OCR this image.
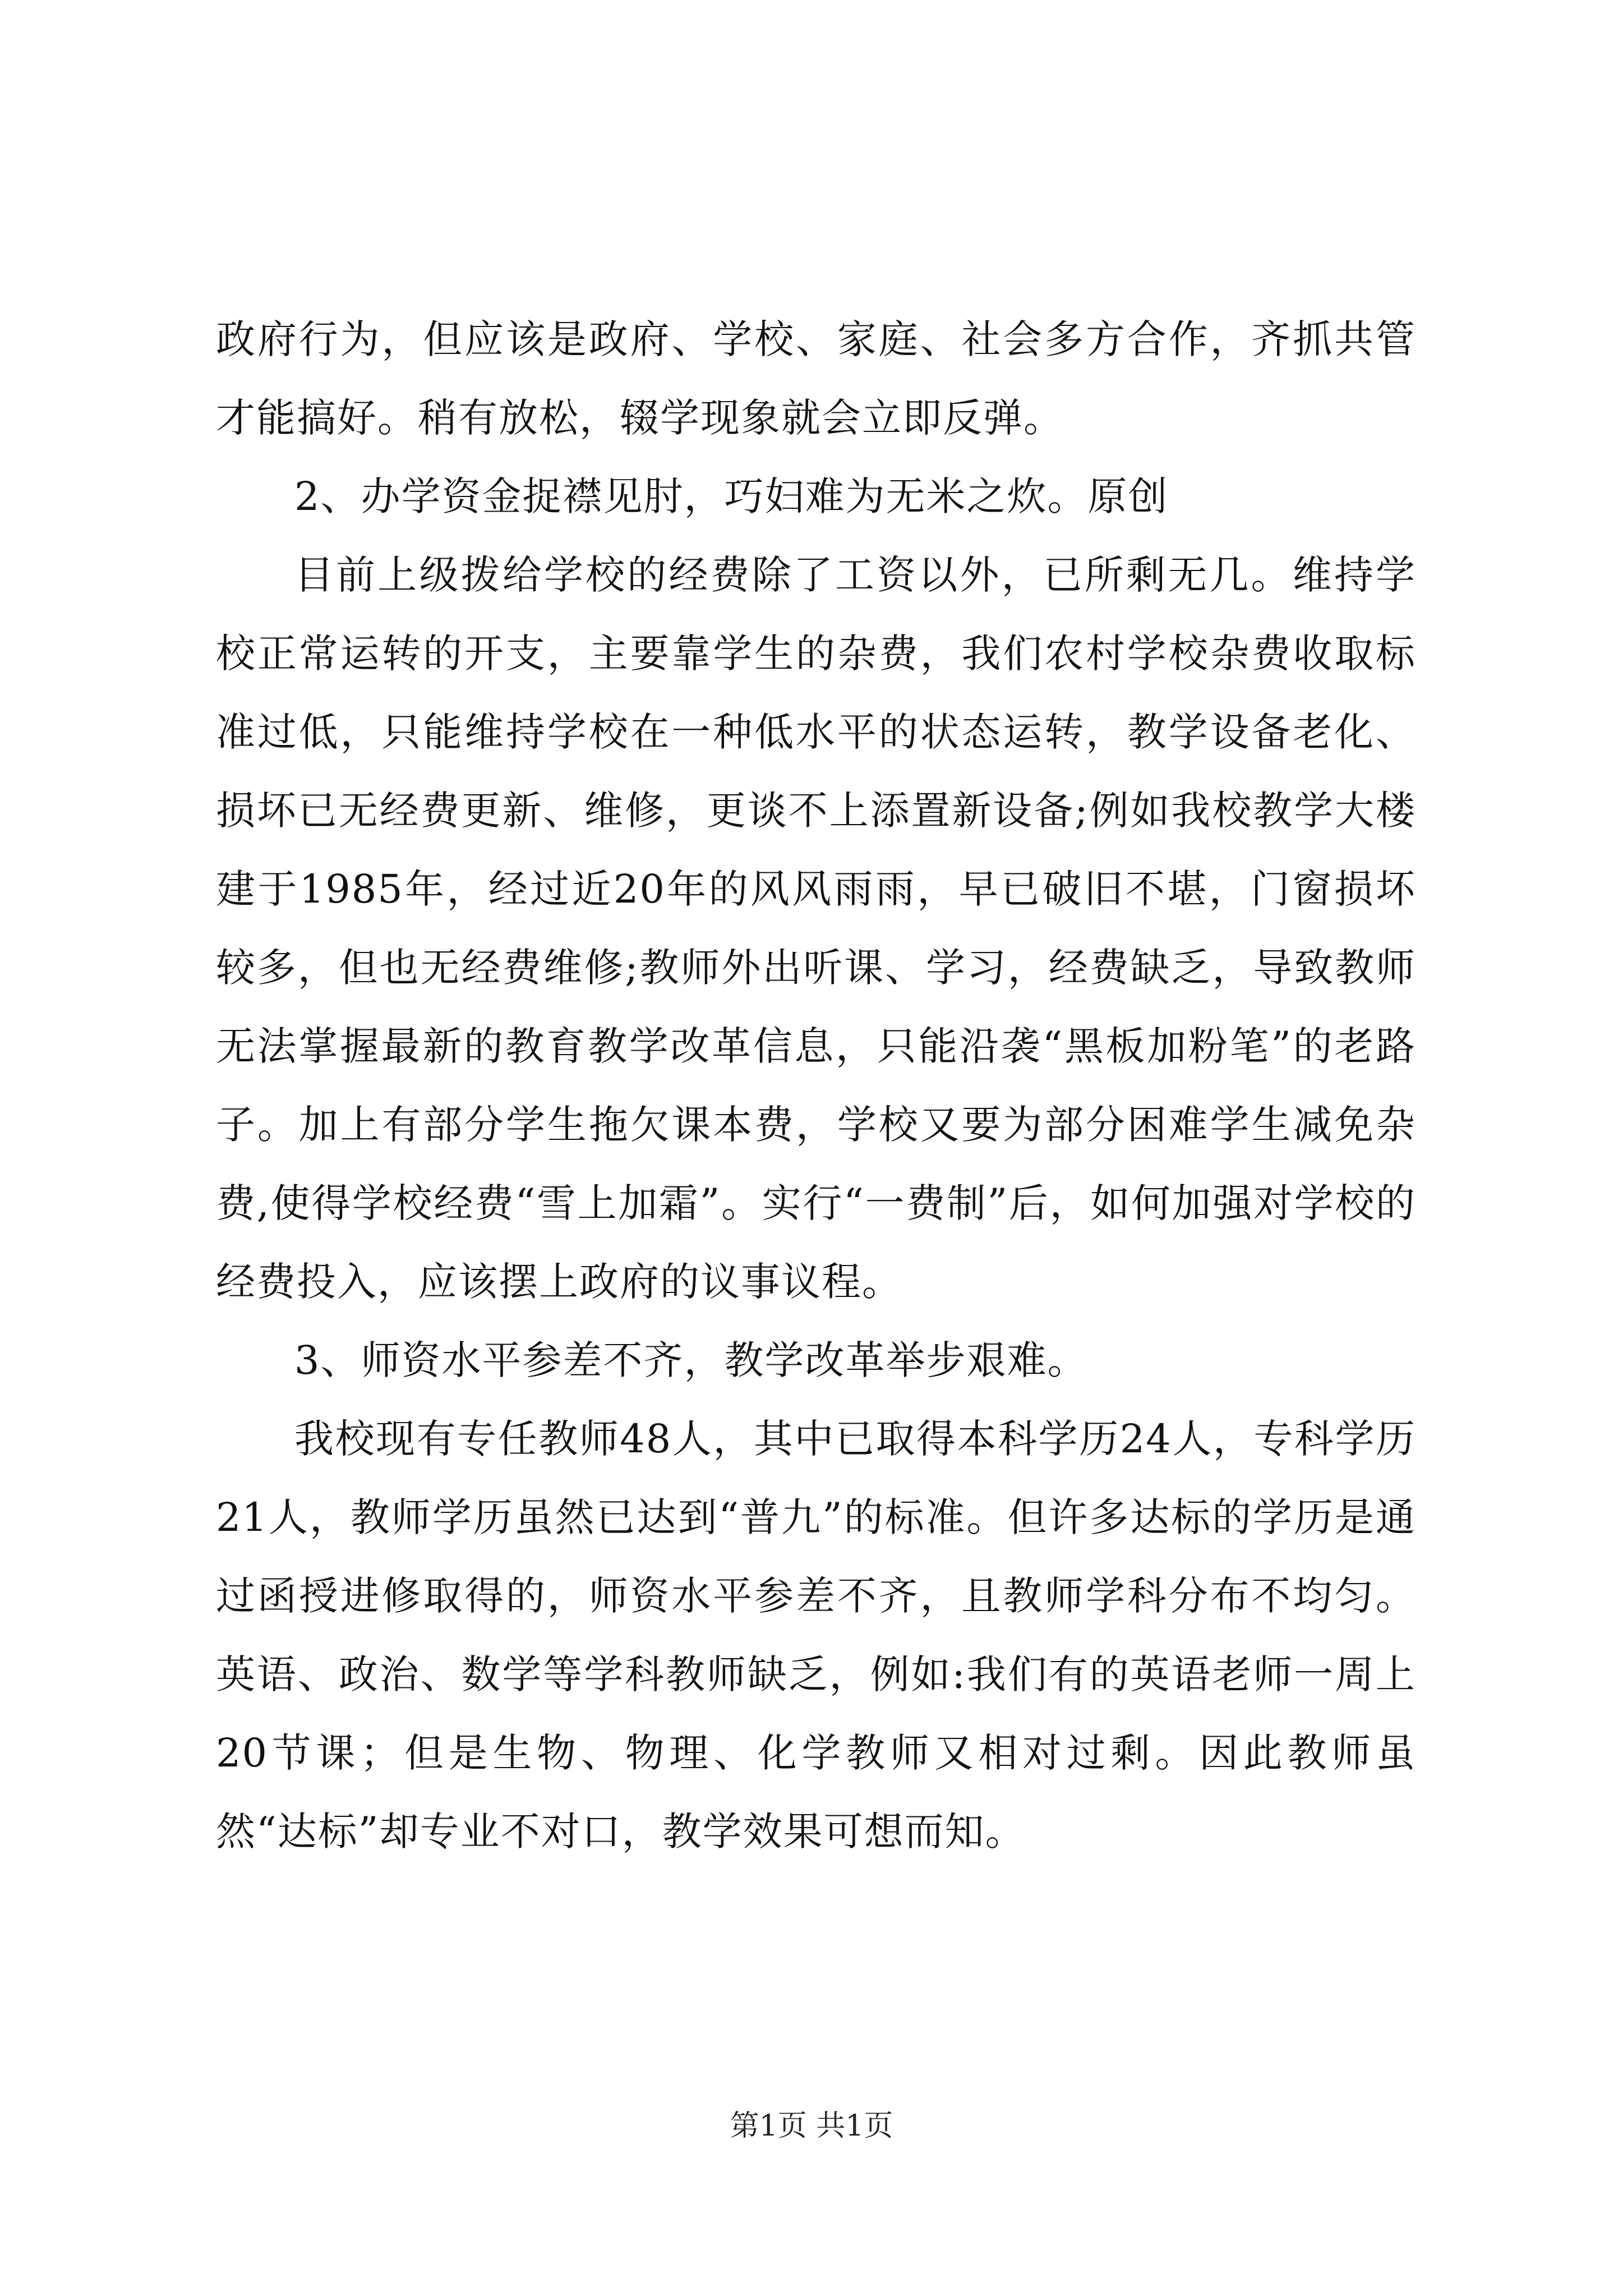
政府行为，但应该是政府、学校、家庭、社会多方合作，齐抓共管才能搞好。稍有放松，辍学现象就会立即反弹。

2、办学资金捉襟见肘，巧妇难为无米之炊。原创

目前上级拨给学校的经费除了工资以外，已所剩无几。维持学校正常运转的开支，主要靠学生的杂费，我们农村学校杂费收取标准过低，只能维持学校在一种低水平的状态运转，教学设备老化、损坏已无经费更新、维修，更谈不上添置新设备;例如我校教学大楼建于1985年，经过近20年的风风雨雨，早已破旧不堪，门窗损坏较多，但也无经费维修;教师外出听课、学习，经费缺乏，导致教师无法掌握最新的教育教学改革信息，只能沿袭“黑板加粉笔”的老路子。加上有部分学生拖欠课本费，学校又要为部分困难学生减免杂费,使得学校经费“雪上加霜”。实行“一费制”后，如何加强对学校的经费投入，应该摆上政府的议事议程。

3、师资水平参差不齐，教学改革举步艰难。

我校现有专任教师48人，其中已取得本科学历24人，专科学历21人，教师学历虽然已达到“普九”的标准。但许多达标的学历是通过函授进修取得的，师资水平参差不齐，且教师学科分布不均匀。英语、政治、数学等学科教师缺乏，例如:我们有的英语老师一周上20节课；但是生物、物理、化学教师又相对过剩。因此教师虽然“达标”却专业不对口，教学效果可想而知。

第1页 共1页
